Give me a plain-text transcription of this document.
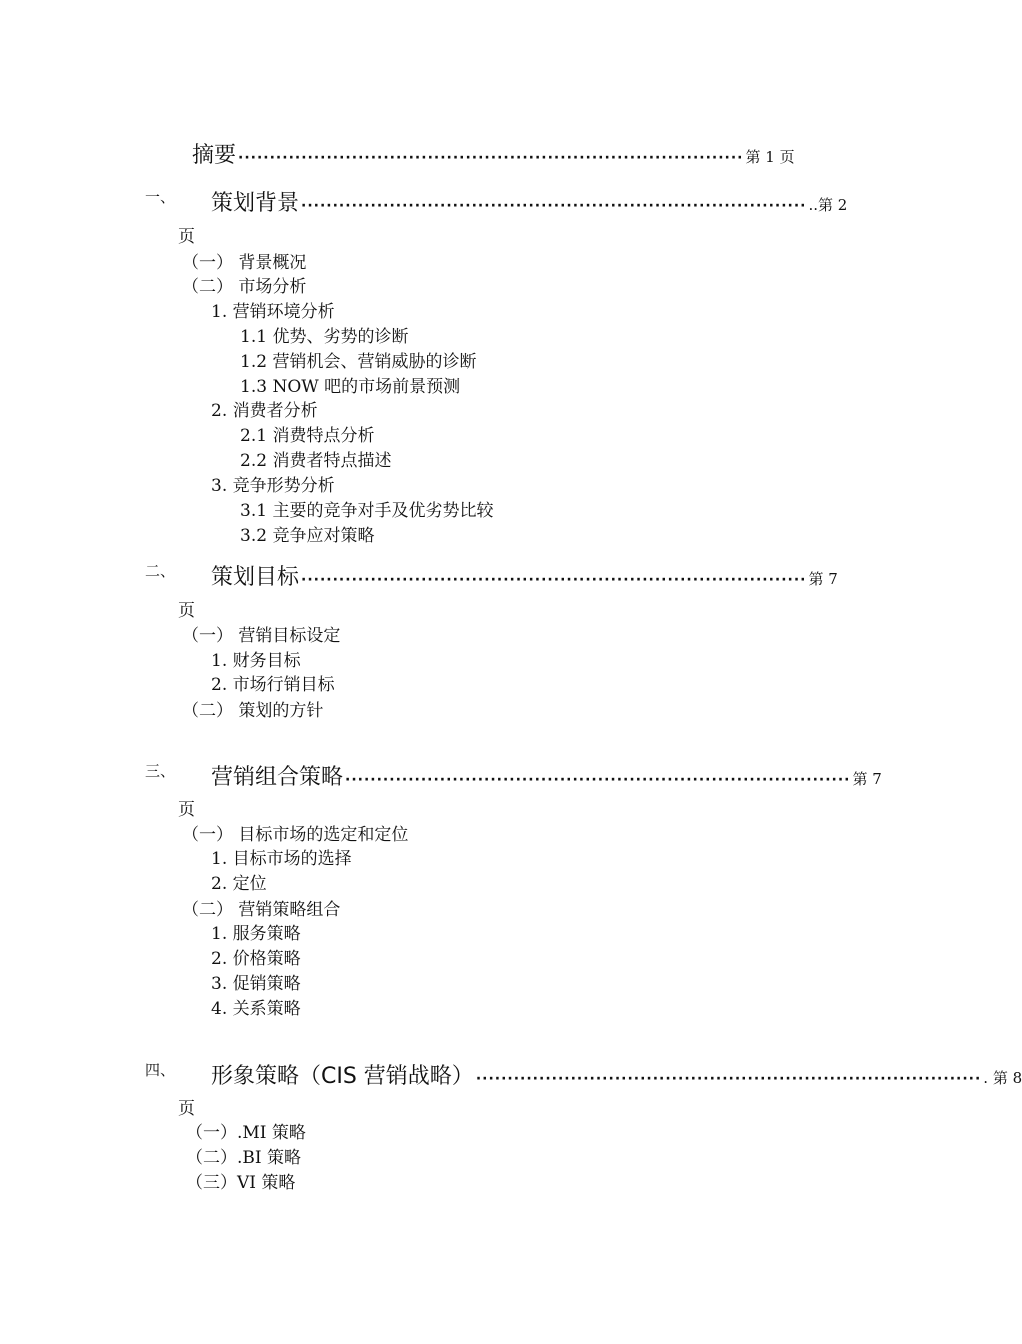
摘要 ················································································ 第 1 页
一、 策划背景 ················································································ ..第 2
页
（一） 背景概况
（二） 市场分析
1. 营销环境分析
1.1 优势、劣势的诊断
1.2 营销机会、营销威胁的诊断
1.3 NOW 吧的市场前景预测
2. 消费者分析
2.1 消费特点分析
2.2 消费者特点描述
3. 竞争形势分析
3.1 主要的竞争对手及优劣势比较
3.2 竞争应对策略
二、 策划目标 ················································································ 第 7
页
（一） 营销目标设定
1. 财务目标
2. 市场行销目标
（二） 策划的方针
三、 营销组合策略 ················································································ 第 7
页
（一） 目标市场的选定和定位
1. 目标市场的选择
2. 定位
（二） 营销策略组合
1. 服务策略
2. 价格策略
3. 促销策略
4. 关系策略
四、 形象策略（CIS 营销战略） ················································································ . 第 8
页
（一）.MI 策略
（二）.BI 策略
（三）VI 策略
